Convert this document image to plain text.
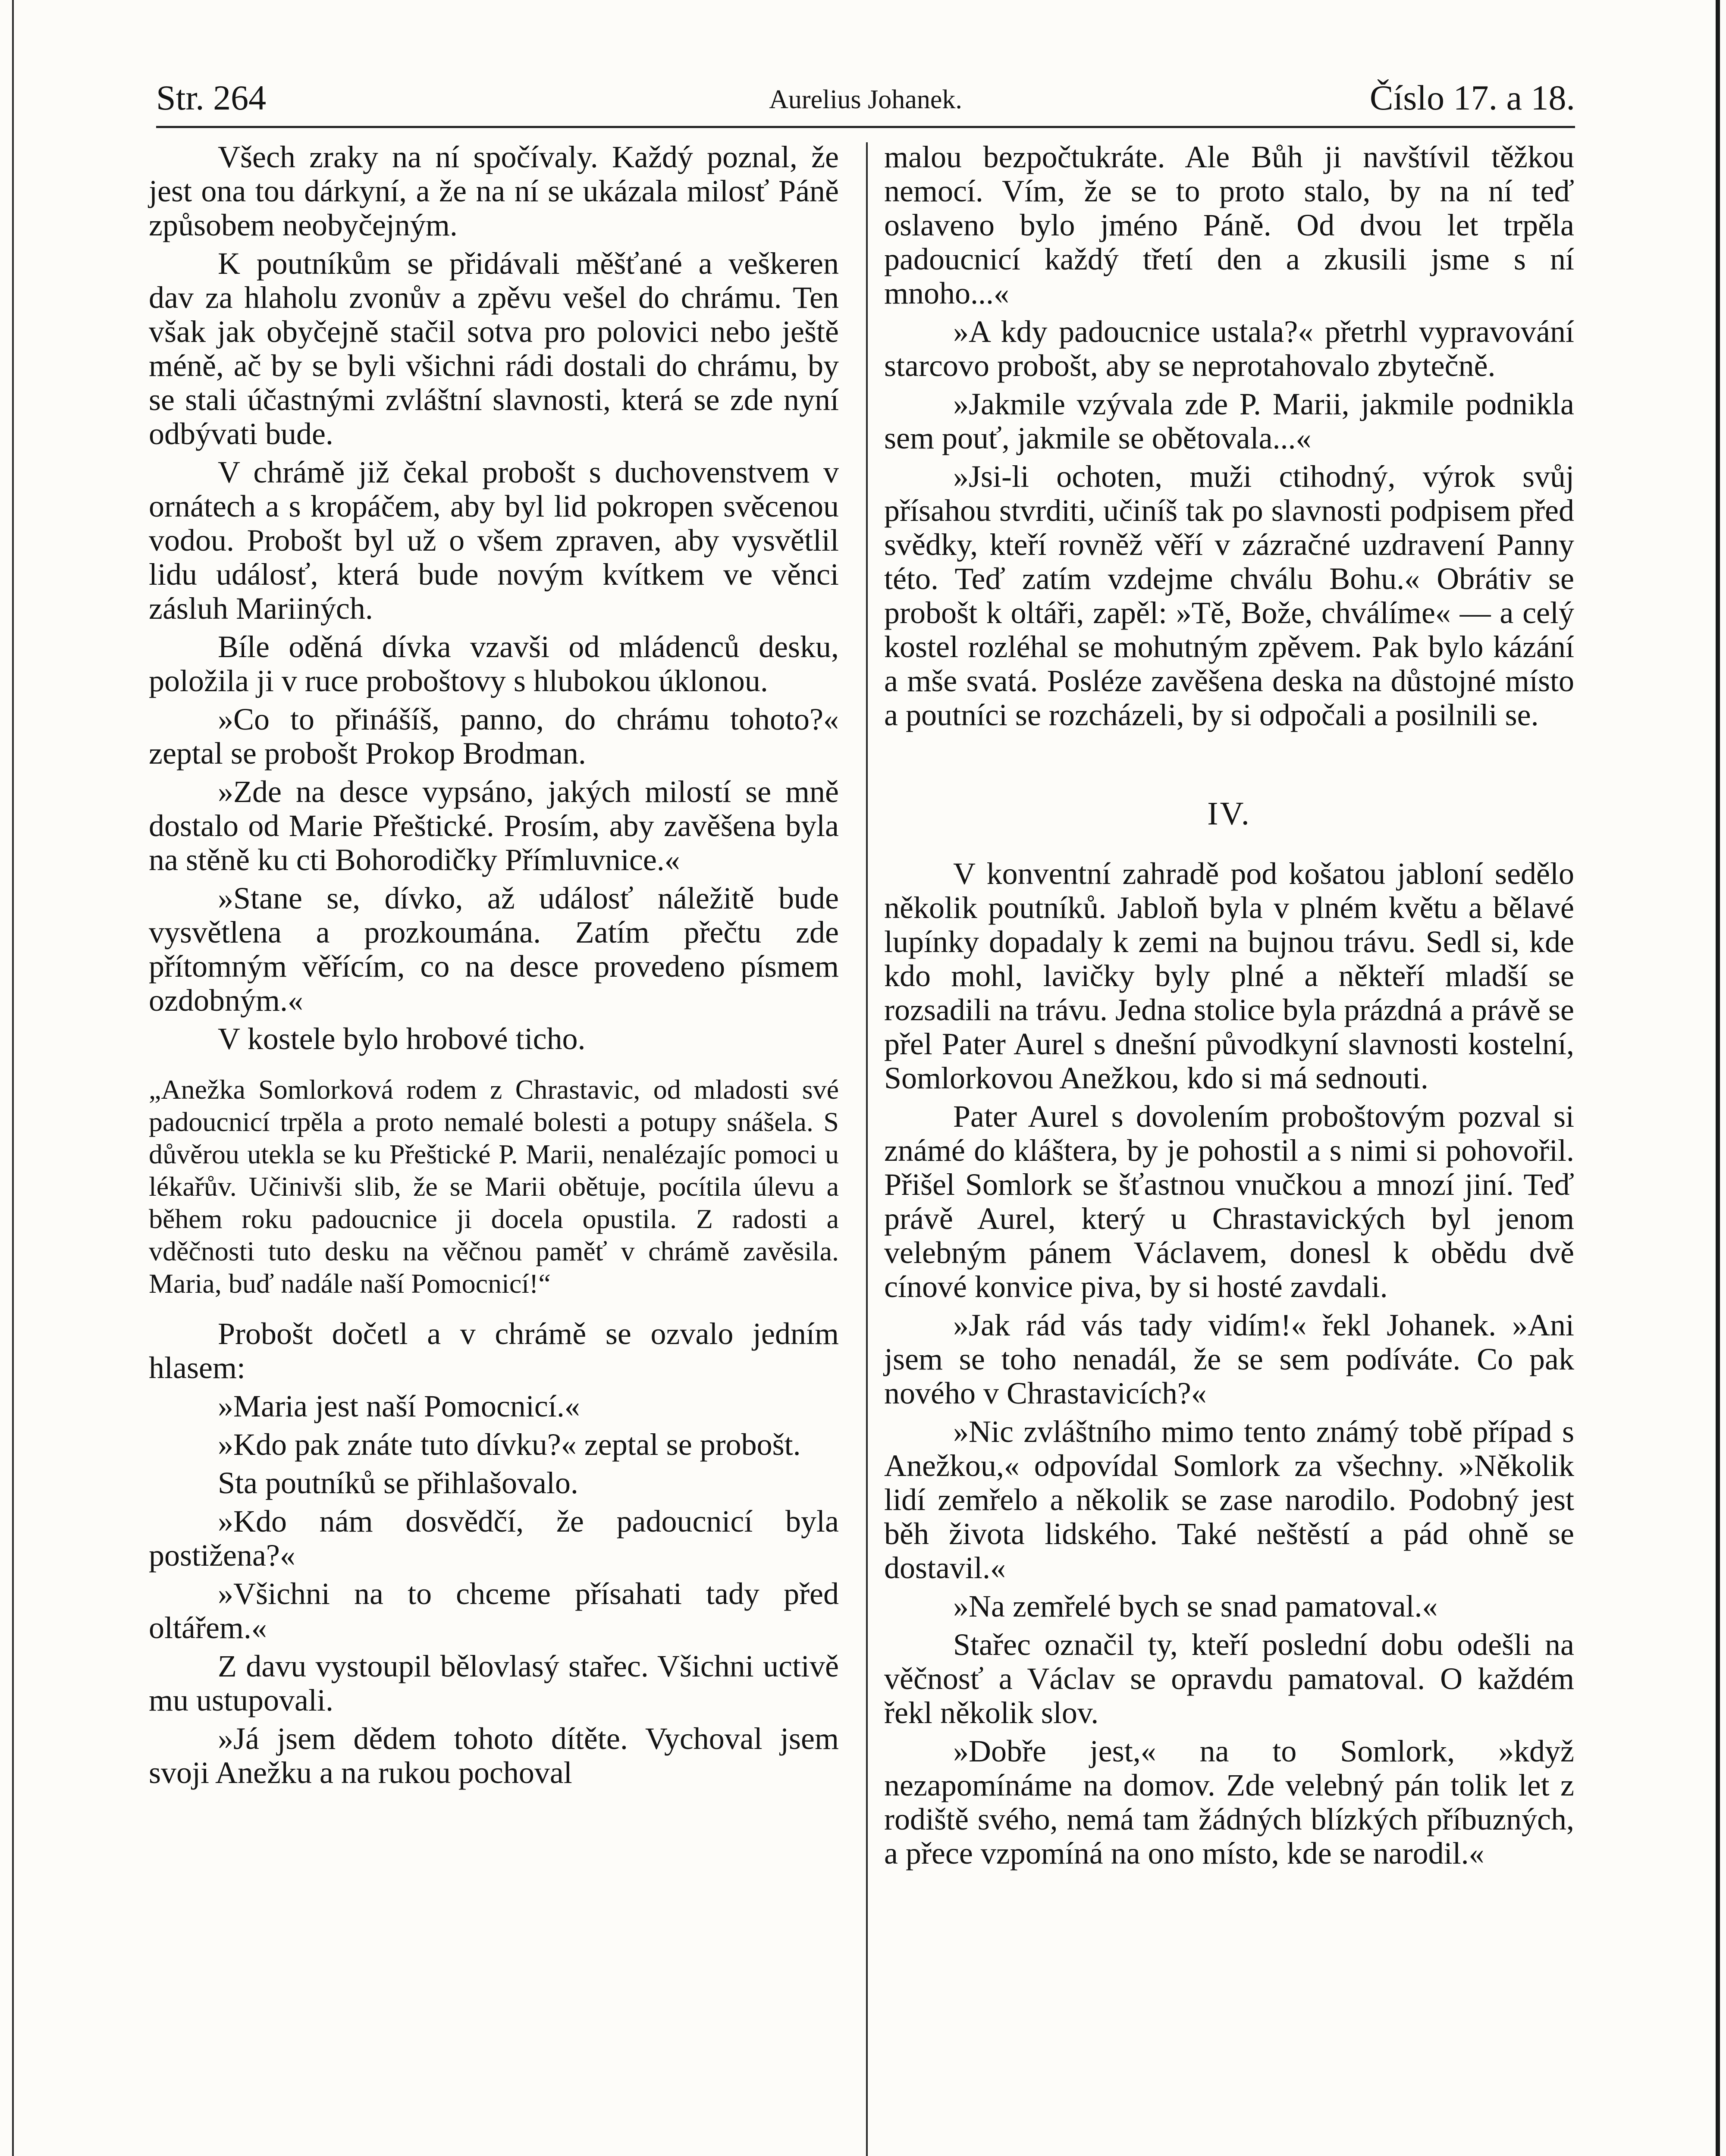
Str. 264	Aurelius Johanek.	Číslo 17. a 18.

Všech zraky na ní spočívaly. Každý poznal, že jest ona tou dárkyní, a že na ní se ukázala milosť Páně způsobem neobyčejným.

K poutníkům se přidávali měšťané a veškeren dav za hlaholu zvonův a zpěvu vešel do chrámu. Ten však jak obyčejně stačil sotva pro polovici nebo ještě méně, ač by se byli všichni rádi dostali do chrámu, by se stali účastnými zvláštní slavnosti, která se zde nyní odbývati bude.

V chrámě již čekal probošt s duchovenstvem v ornátech a s kropáčem, aby byl lid pokropen svěcenou vodou. Probošt byl už o všem zpraven, aby vysvětlil lidu událosť, která bude novým kvítkem ve věnci zásluh Mariiných.

Bíle oděná dívka vzavši od mládenců desku, položila ji v ruce proboštovy s hlubokou úklonou.

»Co to přinášíš, panno, do chrámu tohoto?« zeptal se probošt Prokop Brodman.

»Zde na desce vypsáno, jakých milostí se mně dostalo od Marie Přeštické. Prosím, aby zavěšena byla na stěně ku cti Bohorodičky Přímluvnice.«

»Stane se, dívko, až událosť náležitě bude vysvětlena a prozkoumána. Zatím přečtu zde přítomným věřícím, co na desce provedeno písmem ozdobným.«

V kostele bylo hrobové ticho.

„Anežka Somlorková rodem z Chrastavic, od mladosti své padoucnicí trpěla a proto nemalé bolesti a potupy snášela. S důvěrou utekla se ku Přeštické P. Marii, nenalézajíc pomoci u lékařův. Učinivši slib, že se Marii obětuje, pocítila úlevu a během roku padoucnice ji docela opustila. Z radosti a vděčnosti tuto desku na věčnou paměť v chrámě zavěsila. Maria, buď nadále naší Pomocnicí!“

Probošt dočetl a v chrámě se ozvalo jedním hlasem:

»Maria jest naší Pomocnicí.«

»Kdo pak znáte tuto dívku?« zeptal se probošt.

Sta poutníků se přihlašovalo.

»Kdo nám dosvědčí, že padoucnicí byla postižena?«

»Všichni na to chceme přísahati tady před oltářem.«

Z davu vystoupil bělovlasý stařec. Všichni uctivě mu ustupovali.

»Já jsem dědem tohoto dítěte. Vychoval jsem svoji Anežku a na rukou pochoval

malou bezpočtukráte. Ale Bůh ji navštívil těžkou nemocí. Vím, že se to proto stalo, by na ní teď oslaveno bylo jméno Páně. Od dvou let trpěla padoucnicí každý třetí den a zkusili jsme s ní mnoho...«

»A kdy padoucnice ustala?« přetrhl vypravování starcovo probošt, aby se neprotahovalo zbytečně.

»Jakmile vzývala zde P. Marii, jakmile podnikla sem pouť, jakmile se obětovala...«

»Jsi-li ochoten, muži ctihodný, výrok svůj přísahou stvrditi, učiníš tak po slavnosti podpisem před svědky, kteří rovněž věří v zázračné uzdravení Panny této. Teď zatím vzdejme chválu Bohu.« Obrátiv se probošt k oltáři, zapěl: »Tě, Bože, chválíme« — a celý kostel rozléhal se mohutným zpěvem. Pak bylo kázání a mše svatá. Posléze zavěšena deska na důstojné místo a poutníci se rozcházeli, by si odpočali a posilnili se.

IV.

V konventní zahradě pod košatou jabloní sedělo několik poutníků. Jabloň byla v plném květu a bělavé lupínky dopadaly k zemi na bujnou trávu. Sedl si, kde kdo mohl, lavičky byly plné a někteří mladší se rozsadili na trávu. Jedna stolice byla prázdná a právě se přel Pater Aurel s dnešní původkyní slavnosti kostelní, Somlorkovou Anežkou, kdo si má sednouti.

Pater Aurel s dovolením proboštovým pozval si známé do kláštera, by je pohostil a s nimi si pohovořil. Přišel Somlork se šťastnou vnučkou a mnozí jiní. Teď právě Aurel, který u Chrastavických byl jenom velebným pánem Václavem, donesl k obědu dvě cínové konvice piva, by si hosté zavdali.

»Jak rád vás tady vidím!« řekl Johanek. »Ani jsem se toho nenadál, že se sem podíváte. Co pak nového v Chrastavicích?«

»Nic zvláštního mimo tento známý tobě případ s Anežkou,« odpovídal Somlork za všechny. »Několik lidí zemřelo a několik se zase narodilo. Podobný jest běh života lidského. Také neštěstí a pád ohně se dostavil.«

»Na zemřelé bych se snad pamatoval.«

Stařec označil ty, kteří poslední dobu odešli na věčnosť a Václav se opravdu pamatoval. O každém řekl několik slov.

»Dobře jest,« na to Somlork, »když nezapomínáme na domov. Zde velebný pán tolik let z rodiště svého, nemá tam žádných blízkých příbuzných, a přece vzpomíná na ono místo, kde se narodil.«
